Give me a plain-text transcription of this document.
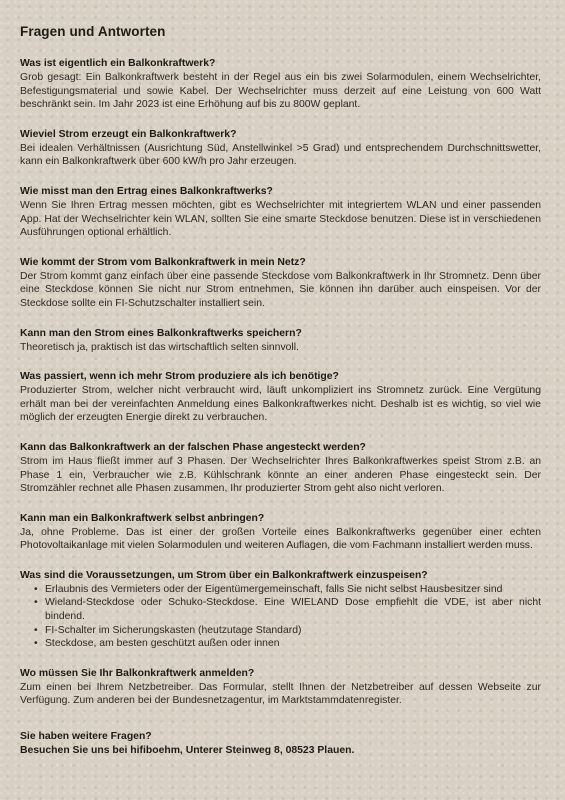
Fragen und Antworten

Was ist eigentlich ein Balkonkraftwerk?

Grob gesagt: Ein Balkonkraftwerk besteht in der Regel aus ein bis zwei Solarmodulen, einem Wechselrichter, Befestigungsmaterial und sowie Kabel. Der Wechselrichter muss derzeit auf eine Leistung von 600 Watt beschränkt sein. Im Jahr 2023 ist eine Erhöhung auf bis zu 800W geplant.

Wieviel Strom erzeugt ein Balkonkraftwerk?

Bei idealen Verhältnissen (Ausrichtung Süd, Anstellwinkel >5 Grad) und entsprechendem Durchschnittswetter, kann ein Balkonkraftwerk über 600 kW/h pro Jahr erzeugen.

Wie misst man den Ertrag eines Balkonkraftwerks?

Wenn Sie Ihren Ertrag messen möchten, gibt es Wechselrichter mit integriertem WLAN und einer passenden App. Hat der Wechselrichter kein WLAN, sollten Sie eine smarte Steckdose benutzen. Diese ist in verschiedenen Ausführungen optional erhältlich.

Wie kommt der Strom vom Balkonkraftwerk in mein Netz?

Der Strom kommt ganz einfach über eine passende Steckdose vom Balkonkraftwerk in Ihr Stromnetz. Denn über eine Steckdose können Sie nicht nur Strom entnehmen, Sie können ihn darüber auch einspeisen. Vor der Steckdose sollte ein FI-Schutzschalter installiert sein.

Kann man den Strom eines Balkonkraftwerks speichern?

Theoretisch ja, praktisch ist das wirtschaftlich selten sinnvoll.

Was passiert, wenn ich mehr Strom produziere als ich benötige?

Produzierter Strom, welcher nicht verbraucht wird, läuft unkompliziert ins Stromnetz zurück. Eine Vergütung erhält man bei der vereinfachten Anmeldung eines Balkonkraftwerkes nicht. Deshalb ist es wichtig, so viel wie möglich der erzeugten Energie direkt zu verbrauchen.

Kann das Balkonkraftwerk an der falschen Phase angesteckt werden?

Strom im Haus fließt immer auf 3 Phasen. Der Wechselrichter Ihres Balkonkraftwerkes speist Strom z.B. an Phase 1 ein, Verbraucher wie z.B. Kühlschrank könnte an einer anderen Phase eingesteckt sein. Der Stromzähler rechnet alle Phasen zusammen, Ihr produzierter Strom geht also nicht verloren.

Kann man ein Balkonkraftwerk selbst anbringen?

Ja, ohne Probleme. Das ist einer der großen Vorteile eines Balkonkraftwerks gegenüber einer echten Photovoltaikanlage mit vielen Solarmodulen und weiteren Auflagen, die vom Fachmann installiert werden muss.

Was sind die Voraussetzungen, um Strom über ein Balkonkraftwerk einzuspeisen?

• Erlaubnis des Vermieters oder der Eigentümergemeinschaft, falls Sie nicht selbst Hausbesitzer sind
• Wieland-Steckdose oder Schuko-Steckdose. Eine WIELAND Dose empfiehlt die VDE, ist aber nicht bindend.
• FI-Schalter im Sicherungskasten (heutzutage Standard)
• Steckdose, am besten geschützt außen oder innen

Wo müssen Sie Ihr Balkonkraftwerk anmelden?

Zum einen bei Ihrem Netzbetreiber. Das Formular, stellt Ihnen der Netzbetreiber auf dessen Webseite zur Verfügung. Zum anderen bei der Bundesnetzagentur, im Marktstammdatenregister.

Sie haben weitere Fragen?

Besuchen Sie uns bei hifiboehm, Unterer Steinweg 8, 08523 Plauen.
